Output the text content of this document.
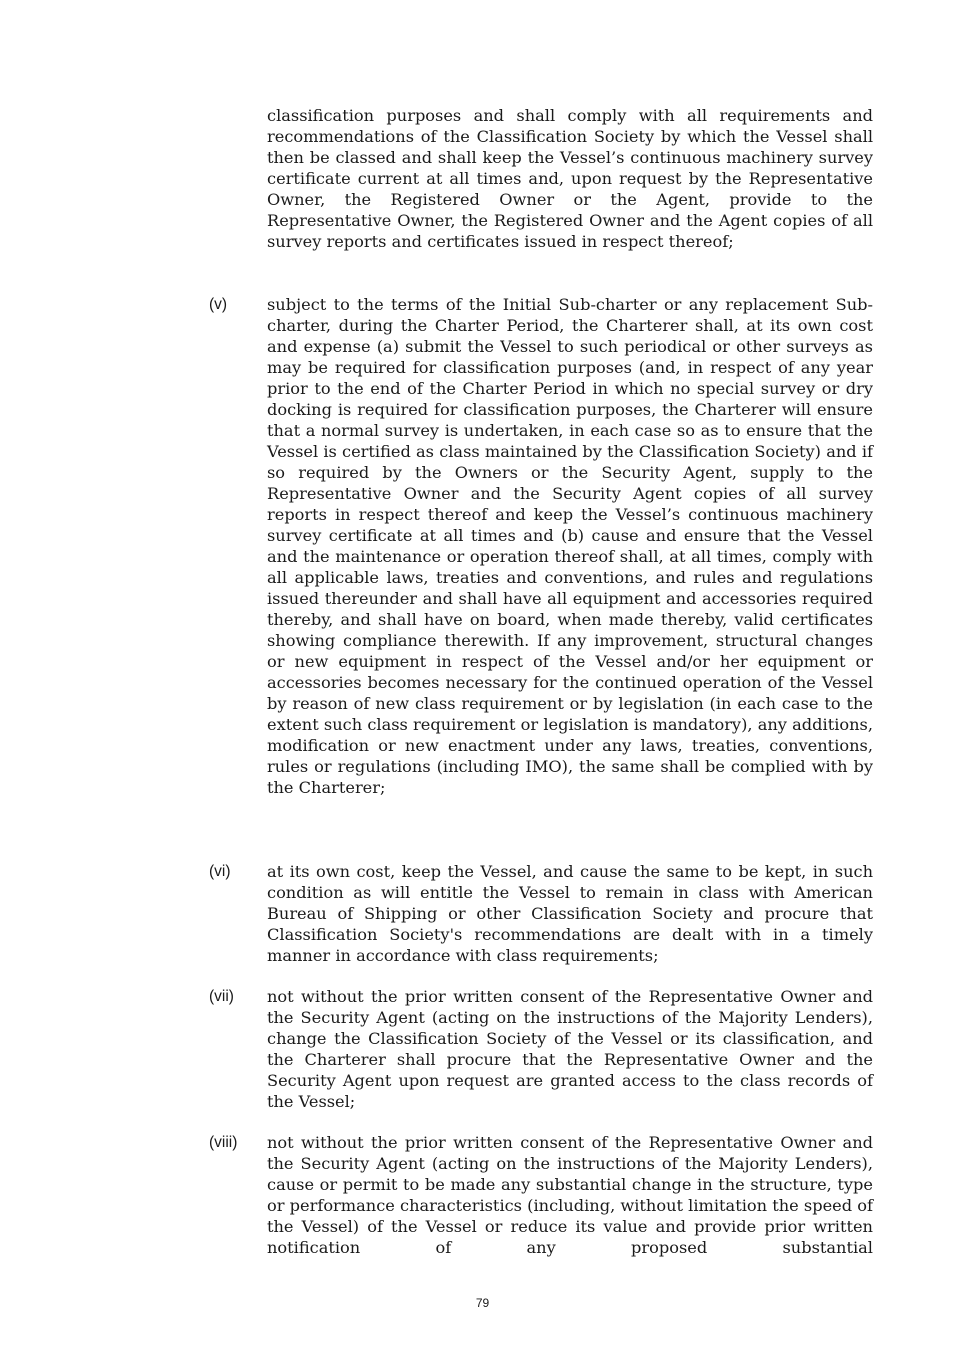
classification purposes and shall comply with all requirements and recommendations of the Classification Society by which the Vessel shall then be classed and shall keep the Vessel’s continuous machinery survey certificate current at all times and, upon request by the Representative Owner, the Registered Owner or the Agent, provide to the Representative Owner, the Registered Owner and the Agent copies of all survey reports and certificates issued in respect thereof;

(v) subject to the terms of the Initial Sub-charter or any replacement Sub-charter, during the Charter Period, the Charterer shall, at its own cost and expense (a) submit the Vessel to such periodical or other surveys as may be required for classification purposes (and, in respect of any year prior to the end of the Charter Period in which no special survey or dry docking is required for classification purposes, the Charterer will ensure that a normal survey is undertaken, in each case so as to ensure that the Vessel is certified as class maintained by the Classification Society) and if so required by the Owners or the Security Agent, supply to the Representative Owner and the Security Agent copies of all survey reports in respect thereof and keep the Vessel’s continuous machinery survey certificate at all times and (b) cause and ensure that the Vessel and the maintenance or operation thereof shall, at all times, comply with all applicable laws, treaties and conventions, and rules and regulations issued thereunder and shall have all equipment and accessories required thereby, and shall have on board, when made thereby, valid certificates showing compliance therewith. If any improvement, structural changes or new equipment in respect of the Vessel and/or her equipment or accessories becomes necessary for the continued operation of the Vessel by reason of new class requirement or by legislation (in each case to the extent such class requirement or legislation is mandatory), any additions, modification or new enactment under any laws, treaties, conventions, rules or regulations (including IMO), the same shall be complied with by the Charterer;

(vi) at its own cost, keep the Vessel, and cause the same to be kept, in such condition as will entitle the Vessel to remain in class with American Bureau of Shipping or other Classification Society and procure that Classification Society's recommendations are dealt with in a timely manner in accordance with class requirements;

(vii) not without the prior written consent of the Representative Owner and the Security Agent (acting on the instructions of the Majority Lenders), change the Classification Society of the Vessel or its classification, and the Charterer shall procure that the Representative Owner and the Security Agent upon request are granted access to the class records of the Vessel;

(viii) not without the prior written consent of the Representative Owner and the Security Agent (acting on the instructions of the Majority Lenders), cause or permit to be made any substantial change in the structure, type or performance characteristics (including, without limitation the speed of the Vessel) of the Vessel or reduce its value and provide prior written notification of any proposed substantial

79
